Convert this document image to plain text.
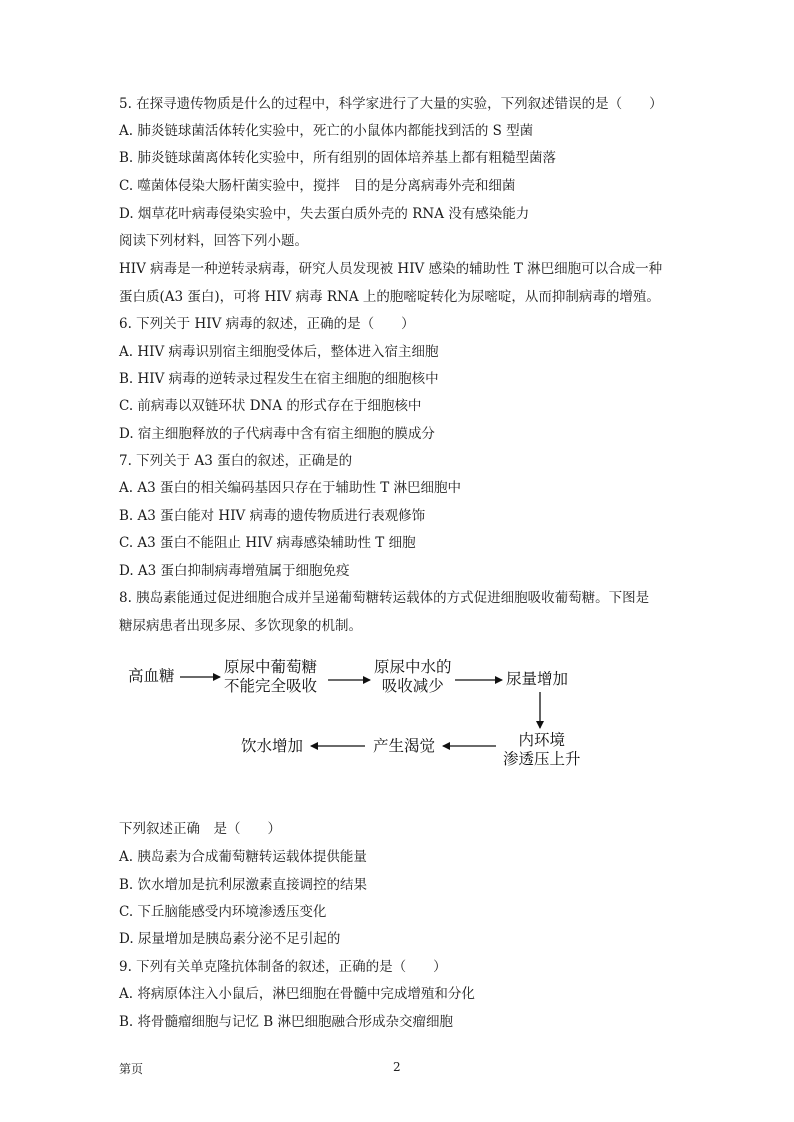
5. 在探寻遗传物质是什么的过程中，科学家进行了大量的实验，下列叙述错误的是（　　）
A. 肺炎链球菌活体转化实验中，死亡的小鼠体内都能找到活的 S 型菌
B. 肺炎链球菌离体转化实验中，所有组别的固体培养基上都有粗糙型菌落
C. 噬菌体侵染大肠杆菌实验中，搅拌　目的是分离病毒外壳和细菌
D. 烟草花叶病毒侵染实验中，失去蛋白质外壳的 RNA 没有感染能力
阅读下列材料，回答下列小题。
HIV 病毒是一种逆转录病毒，研究人员发现被 HIV 感染的辅助性 T 淋巴细胞可以合成一种
蛋白质(A3 蛋白)，可将 HIV 病毒 RNA 上的胞嘧啶转化为尿嘧啶，从而抑制病毒的增殖。
6. 下列关于 HIV 病毒的叙述，正确的是（　　）
A. HIV 病毒识别宿主细胞受体后，整体进入宿主细胞
B. HIV 病毒的逆转录过程发生在宿主细胞的细胞核中
C. 前病毒以双链环状 DNA 的形式存在于细胞核中
D. 宿主细胞释放的子代病毒中含有宿主细胞的膜成分
7. 下列关于 A3 蛋白的叙述，正确是的
A. A3 蛋白的相关编码基因只存在于辅助性 T 淋巴细胞中
B. A3 蛋白能对 HIV 病毒的遗传物质进行表观修饰
C. A3 蛋白不能阻止 HIV 病毒感染辅助性 T 细胞
D. A3 蛋白抑制病毒增殖属于细胞免疫
8. 胰岛素能通过促进细胞合成并呈递葡萄糖转运载体的方式促进细胞吸收葡萄糖。下图是
糖尿病患者出现多尿、多饮现象的机制。
高血糖	原尿中葡萄糖
不能完全吸收
原尿中水的
吸收减少	尿量增加
内环境
渗透压上升
产生渴觉
饮水增加
下列叙述正确　是（　　）
A. 胰岛素为合成葡萄糖转运载体提供能量
B. 饮水增加是抗利尿激素直接调控的结果
C. 下丘脑能感受内环境渗透压变化
D. 尿量增加是胰岛素分泌不足引起的
9. 下列有关单克隆抗体制备的叙述，正确的是（　　）
A. 将病原体注入小鼠后，淋巴细胞在骨髓中完成增殖和分化
B. 将骨髓瘤细胞与记忆 B 淋巴细胞融合形成杂交瘤细胞
第页	2
